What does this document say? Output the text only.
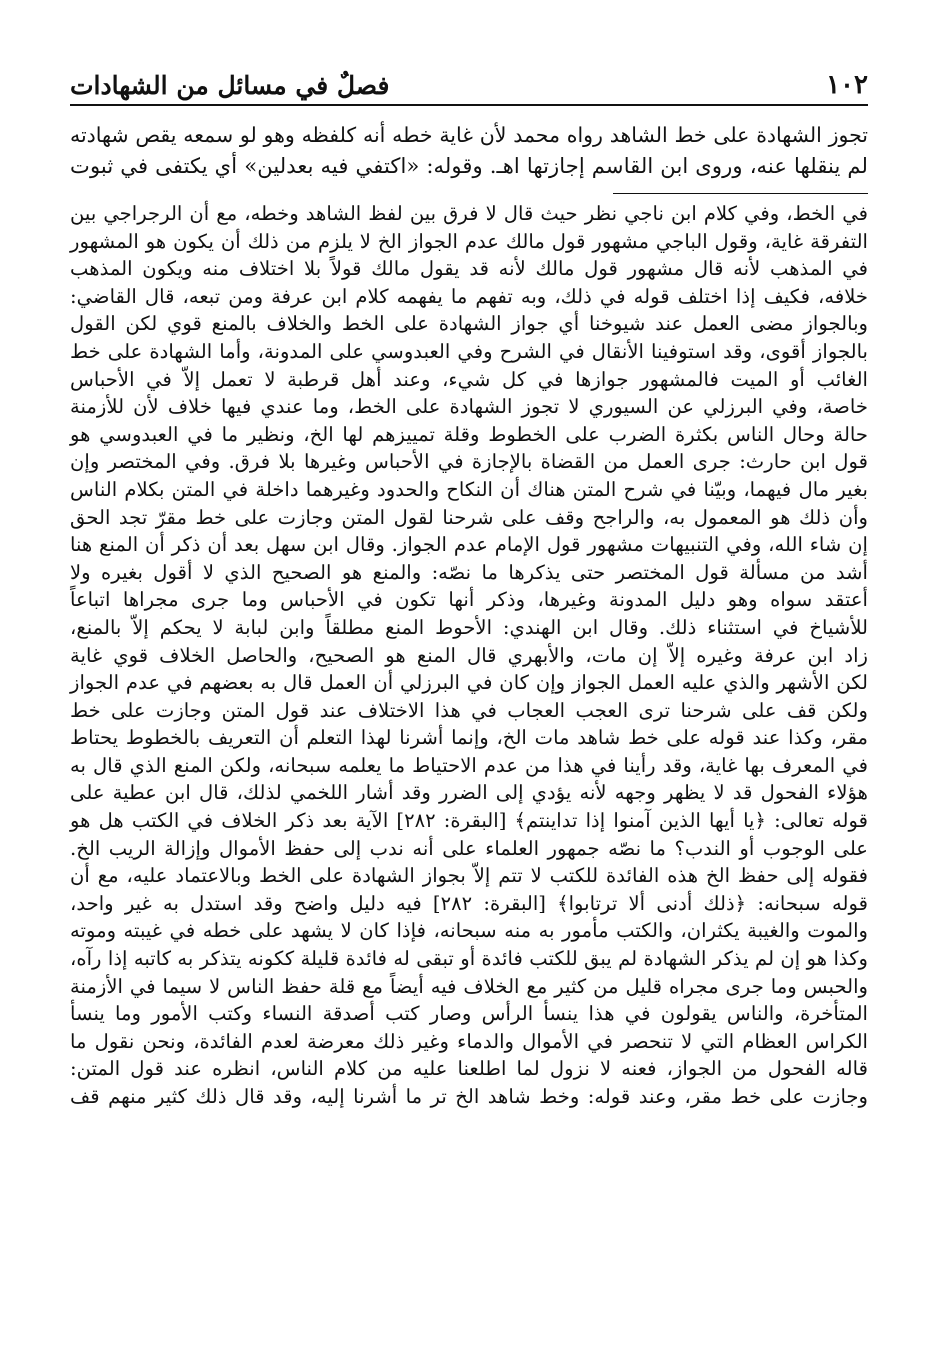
١٠٢
فصلٌ في مسائل من الشهادات
تجوز الشهادة على خط الشاهد رواه محمد لأن غاية خطه أنه كلفظه وهو لو سمعه يقص شهادته
لم ينقلها عنه، وروى ابن القاسم إجازتها اهـ. وقوله: «اكتفي فيه بعدلين» أي يكتفى في ثبوت
في الخط، وفي كلام ابن ناجي نظر حيث قال لا فرق بين لفظ الشاهد وخطه، مع أن الرجراجي بين
التفرقة غاية، وقول الباجي مشهور قول مالك عدم الجواز الخ لا يلزم من ذلك أن يكون هو المشهور
في المذهب لأنه قال مشهور قول مالك لأنه قد يقول مالك قولاً بلا اختلاف منه ويكون المذهب
خلافه، فكيف إذا اختلف قوله في ذلك، وبه تفهم ما يفهمه كلام ابن عرفة ومن تبعه، قال القاضي:
وبالجواز مضى العمل عند شيوخنا أي جواز الشهادة على الخط والخلاف بالمنع قوي لكن القول
بالجواز أقوى، وقد استوفينا الأنقال في الشرح وفي العبدوسي على المدونة، وأما الشهادة على خط
الغائب أو الميت فالمشهور جوازها في كل شيء، وعند أهل قرطبة لا تعمل إلاّ في الأحباس
خاصة، وفي البرزلي عن السيوري لا تجوز الشهادة على الخط، وما عندي فيها خلاف لأن للأزمنة
حالة وحال الناس بكثرة الضرب على الخطوط وقلة تمييزهم لها الخ، ونظير ما في العبدوسي هو
قول ابن حارث: جرى العمل من القضاة بالإجازة في الأحباس وغيرها بلا فرق. وفي المختصر وإن
بغير مال فيهما، وبيّنا في شرح المتن هناك أن النكاح والحدود وغيرهما داخلة في المتن بكلام الناس
وأن ذلك هو المعمول به، والراجح وقف على شرحنا لقول المتن وجازت على خط مقرّ تجد الحق
إن شاء الله، وفي التنبيهات مشهور قول الإمام عدم الجواز. وقال ابن سهل بعد أن ذكر أن المنع هنا
أشد من مسألة قول المختصر حتى يذكرها ما نصّه: والمنع هو الصحيح الذي لا أقول بغيره ولا
أعتقد سواه وهو دليل المدونة وغيرها، وذكر أنها تكون في الأحباس وما جرى مجراها اتباعاً
للأشياخ في استثناء ذلك. وقال ابن الهندي: الأحوط المنع مطلقاً وابن لبابة لا يحكم إلاّ بالمنع،
زاد ابن عرفة وغيره إلاّ إن مات، والأبهري قال المنع هو الصحيح، والحاصل الخلاف قوي غاية
لكن الأشهر والذي عليه العمل الجواز وإن كان في البرزلي أن العمل قال به بعضهم في عدم الجواز
ولكن قف على شرحنا ترى العجب العجاب في هذا الاختلاف عند قول المتن وجازت على خط
مقر، وكذا عند قوله على خط شاهد مات الخ، وإنما أشرنا لهذا التعلم أن التعريف بالخطوط يحتاط
في المعرف بها غاية، وقد رأينا في هذا من عدم الاحتياط ما يعلمه سبحانه، ولكن المنع الذي قال به
هؤلاء الفحول قد لا يظهر وجهه لأنه يؤدي إلى الضرر وقد أشار اللخمي لذلك، قال ابن عطية على
قوله تعالى: ﴿يا أيها الذين آمنوا إذا تداينتم﴾ [البقرة: ٢٨٢] الآية بعد ذكر الخلاف في الكتب هل هو
على الوجوب أو الندب؟ ما نصّه جمهور العلماء على أنه ندب إلى حفظ الأموال وإزالة الريب الخ.
فقوله إلى حفظ الخ هذه الفائدة للكتب لا تتم إلاّ بجواز الشهادة على الخط وبالاعتماد عليه، مع أن
قوله سبحانه: ﴿ذلك أدنى ألا ترتابوا﴾ [البقرة: ٢٨٢] فيه دليل واضح وقد استدل به غير واحد،
والموت والغيبة يكثران، والكتب مأمور به منه سبحانه، فإذا كان لا يشهد على خطه في غيبته وموته
وكذا هو إن لم يذكر الشهادة لم يبق للكتب فائدة أو تبقى له فائدة قليلة ككونه يتذكر به كاتبه إذا رآه،
والحبس وما جرى مجراه قليل من كثير مع الخلاف فيه أيضاً مع قلة حفظ الناس لا سيما في الأزمنة
المتأخرة، والناس يقولون في هذا ينسأ الرأس وصار كتب أصدقة النساء وكتب الأمور وما ينسأ
الكراس العظام التي لا تنحصر في الأموال والدماء وغير ذلك معرضة لعدم الفائدة، ونحن نقول ما
قاله الفحول من الجواز، فعنه لا نزول لما اطلعنا عليه من كلام الناس، انظره عند قول المتن:
وجازت على خط مقر، وعند قوله: وخط شاهد الخ تر ما أشرنا إليه، وقد قال ذلك كثير منهم قف
